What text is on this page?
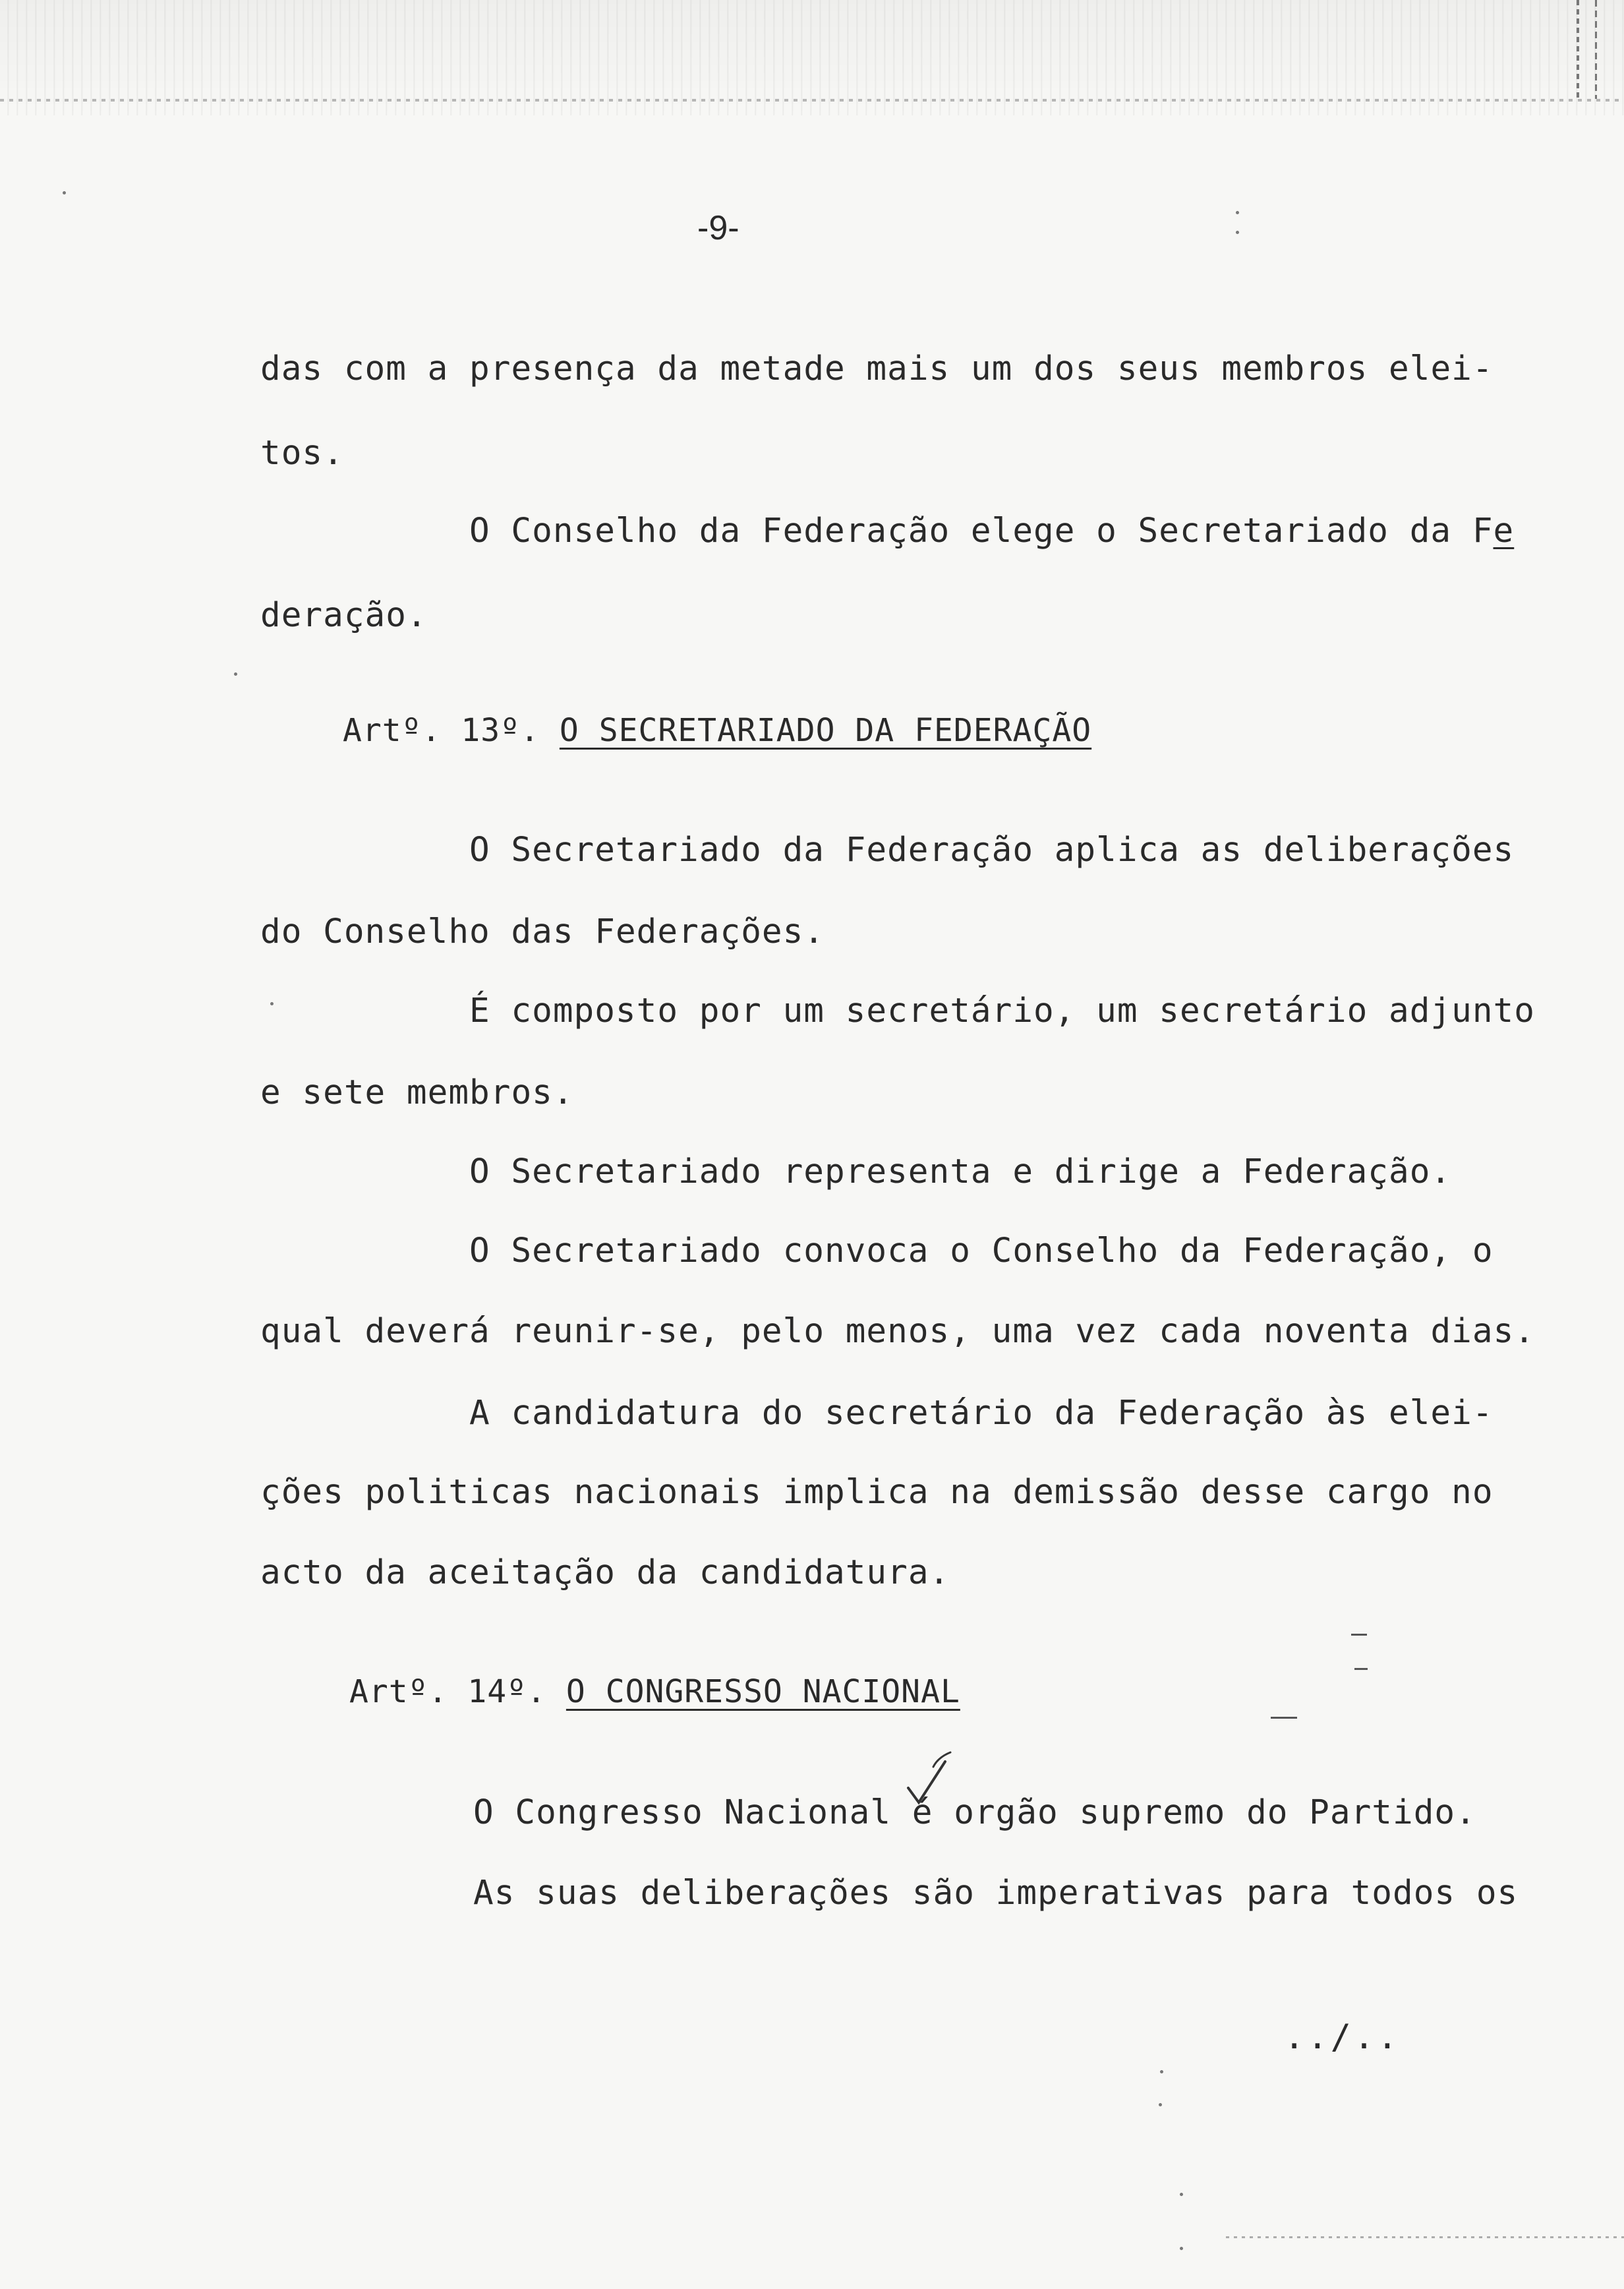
-9-
das com a presença da metade mais um dos seus membros elei-
tos.
O Conselho da Federação elege o Secretariado da Fe
deração.
Artº. 13º. O SECRETARIADO DA FEDERAÇÃO
O Secretariado da Federação aplica as deliberações
do Conselho das Federações.
É composto por um secretário, um secretário adjunto
e sete membros.
O Secretariado representa e dirige a Federação.
O Secretariado convoca o Conselho da Federação, o
qual deverá reunir-se, pelo menos, uma vez cada noventa dias.
A candidatura do secretário da Federação às elei-
ções politicas nacionais implica na demissão desse cargo no
acto da aceitação da candidatura.
Artº. 14º. O CONGRESSO NACIONAL
O Congresso Nacional é orgão supremo do Partido.
As suas deliberações são imperativas para todos os
../..
